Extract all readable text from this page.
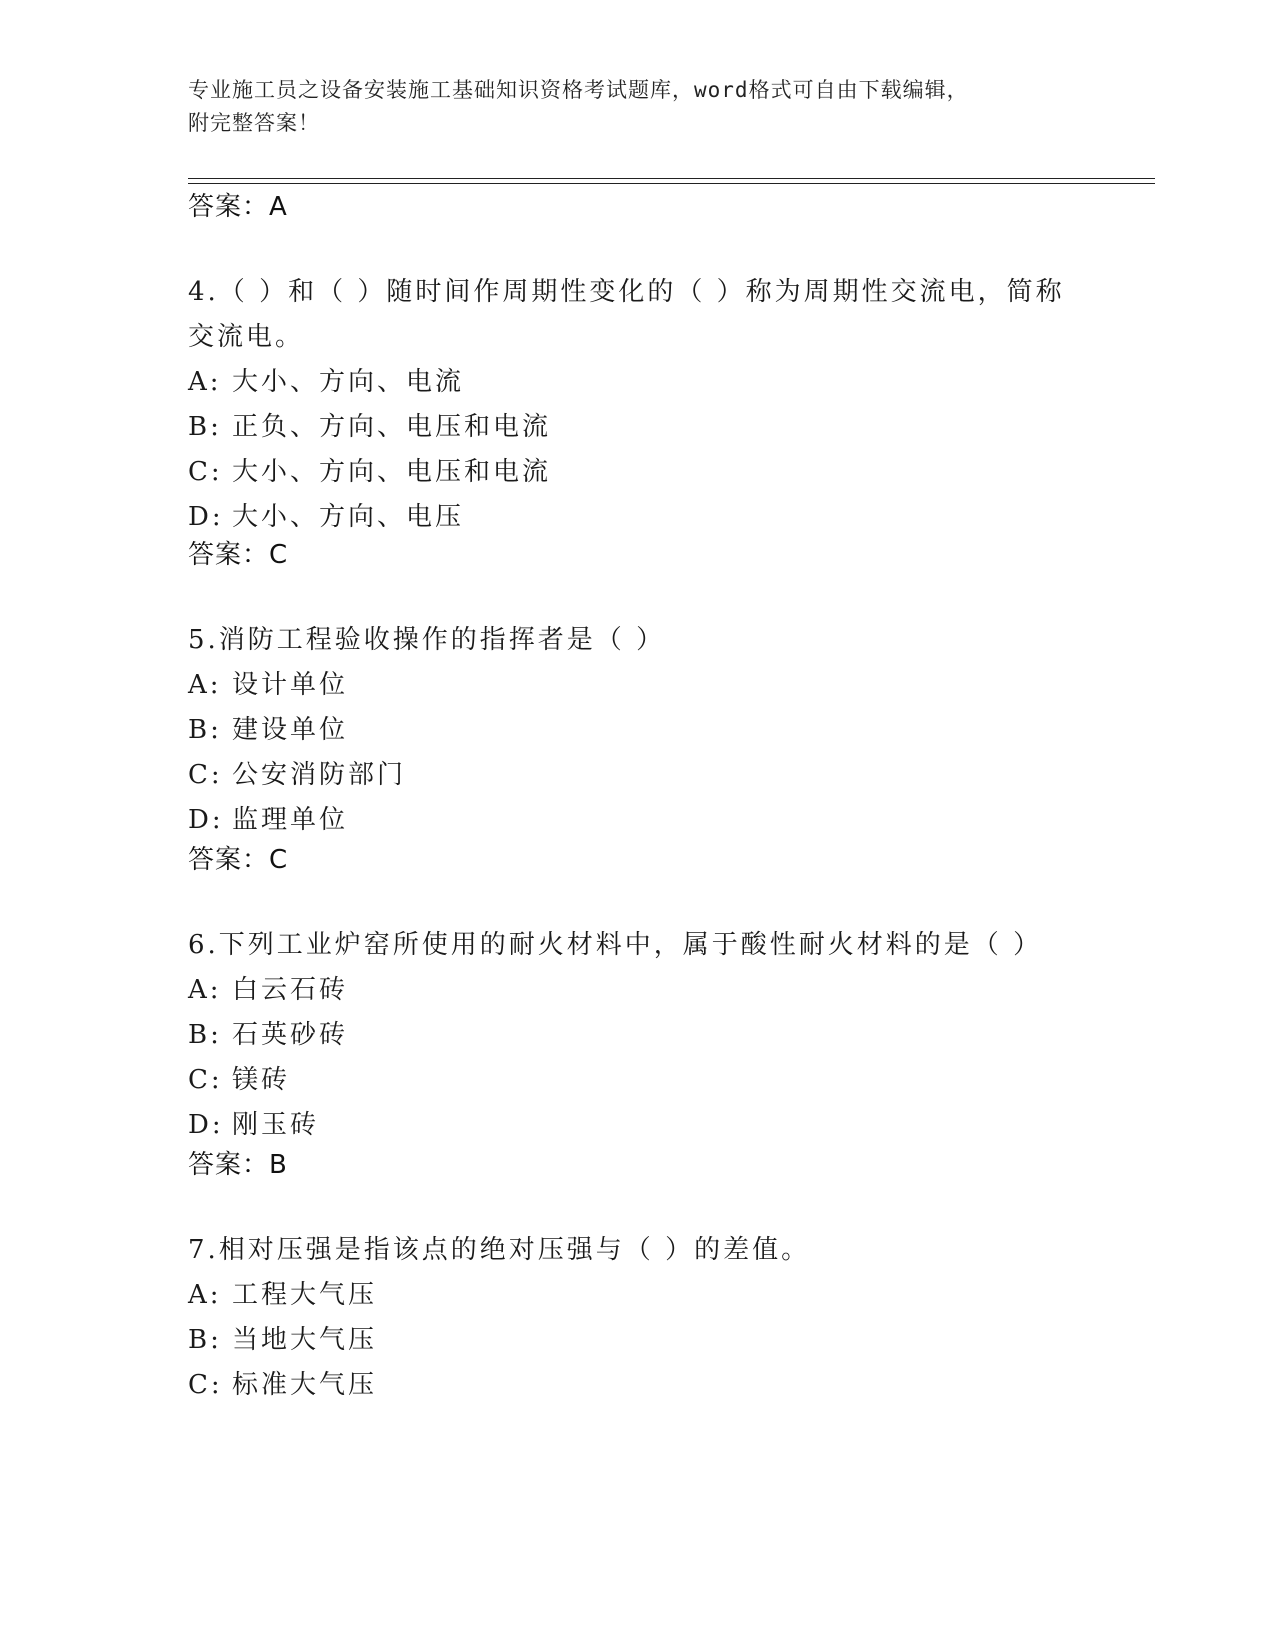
专业施工员之设备安装施工基础知识资格考试题库，word格式可自由下载编辑，
附完整答案！
答案：A
4.（ ）和（ ）随时间作周期性变化的（ ）称为周期性交流电，简称交流电。
A: 大小、方向、电流
B: 正负、方向、电压和电流
C: 大小、方向、电压和电流
D: 大小、方向、电压
答案：C
5.消防工程验收操作的指挥者是（ ）
A: 设计单位
B: 建设单位
C: 公安消防部门
D: 监理单位
答案：C
6.下列工业炉窑所使用的耐火材料中，属于酸性耐火材料的是（ ）
A: 白云石砖
B: 石英砂砖
C: 镁砖
D: 刚玉砖
答案：B
7.相对压强是指该点的绝对压强与（ ）的差值。
A: 工程大气压
B: 当地大气压
C: 标准大气压
